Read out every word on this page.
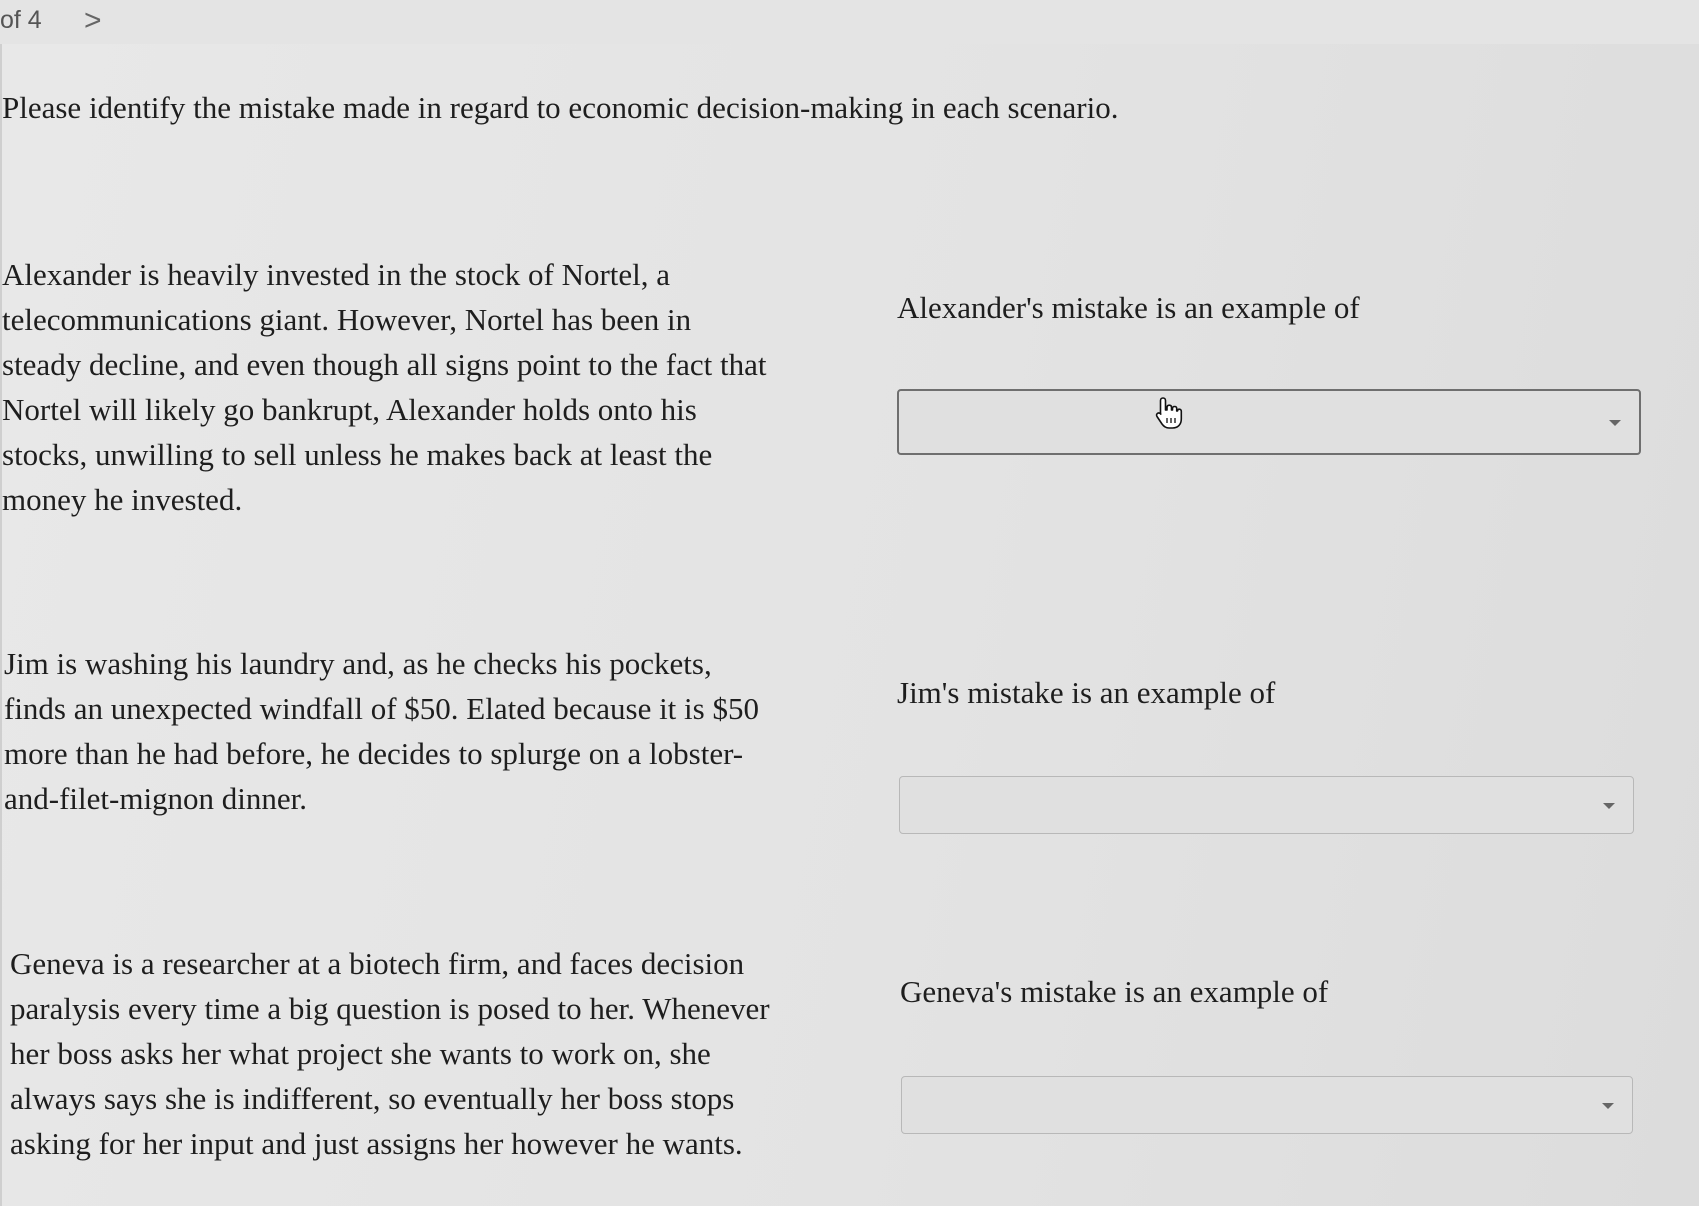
of 4 >
Please identify the mistake made in regard to economic decision-making in each scenario.
Alexander is heavily invested in the stock of Nortel, a
telecommunications giant. However, Nortel has been in
steady decline, and even though all signs point to the fact that
Nortel will likely go bankrupt, Alexander holds onto his
stocks, unwilling to sell unless he makes back at least the
money he invested.
Alexander's mistake is an example of
Jim is washing his laundry and, as he checks his pockets,
finds an unexpected windfall of $50. Elated because it is $50
more than he had before, he decides to splurge on a lobster-
and-filet-mignon dinner.
Jim's mistake is an example of
Geneva is a researcher at a biotech firm, and faces decision
paralysis every time a big question is posed to her. Whenever
her boss asks her what project she wants to work on, she
always says she is indifferent, so eventually her boss stops
asking for her input and just assigns her however he wants.
Geneva's mistake is an example of
